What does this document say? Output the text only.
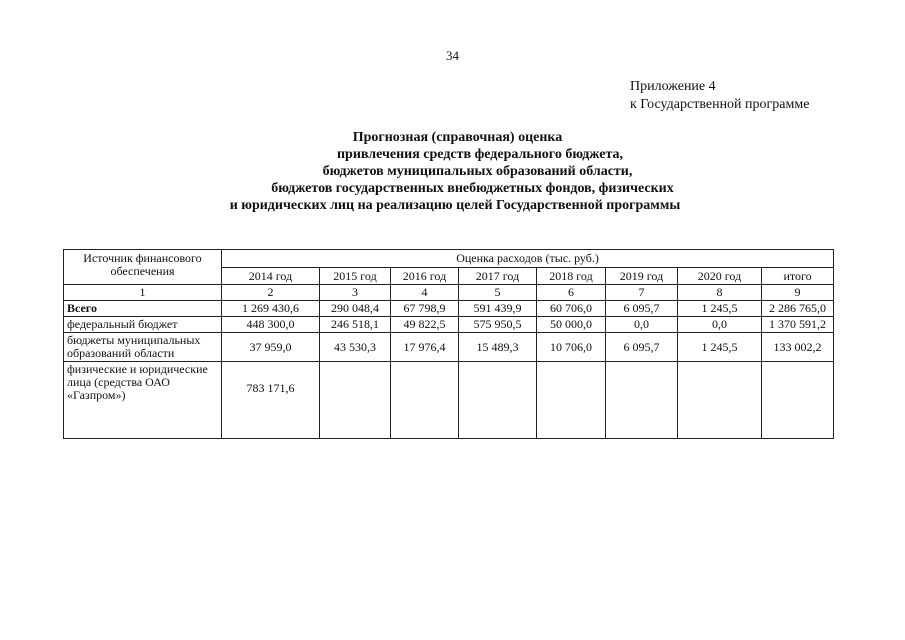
34
Приложение 4
к Государственной программе
Прогнозная (справочная) оценка
привлечения средств федерального бюджета,
бюджетов муниципальных образований области,
бюджетов государственных внебюджетных фондов, физических
и юридических лиц на реализацию целей Государственной программы
Источник финансового обеспечения	Оценка расходов (тыс. руб.)							
	2014 год	2015 год	2016 год	2017 год	2018 год	2019 год	2020 год	итого
1	2	3	4	5	6	7	8	9
Всего	1 269 430,6	290 048,4	67 798,9	591 439,9	60 706,0	6 095,7	1 245,5	2 286 765,0
федеральный бюджет	448 300,0	246 518,1	49 822,5	575 950,5	50 000,0	0,0	0,0	1 370 591,2
бюджеты муниципальных образований области	37 959,0	43 530,3	17 976,4	15 489,3	10 706,0	6 095,7	1 245,5	133 002,2
физические и юридические лица (средства ОАО «Газпром»)	783 171,6							
